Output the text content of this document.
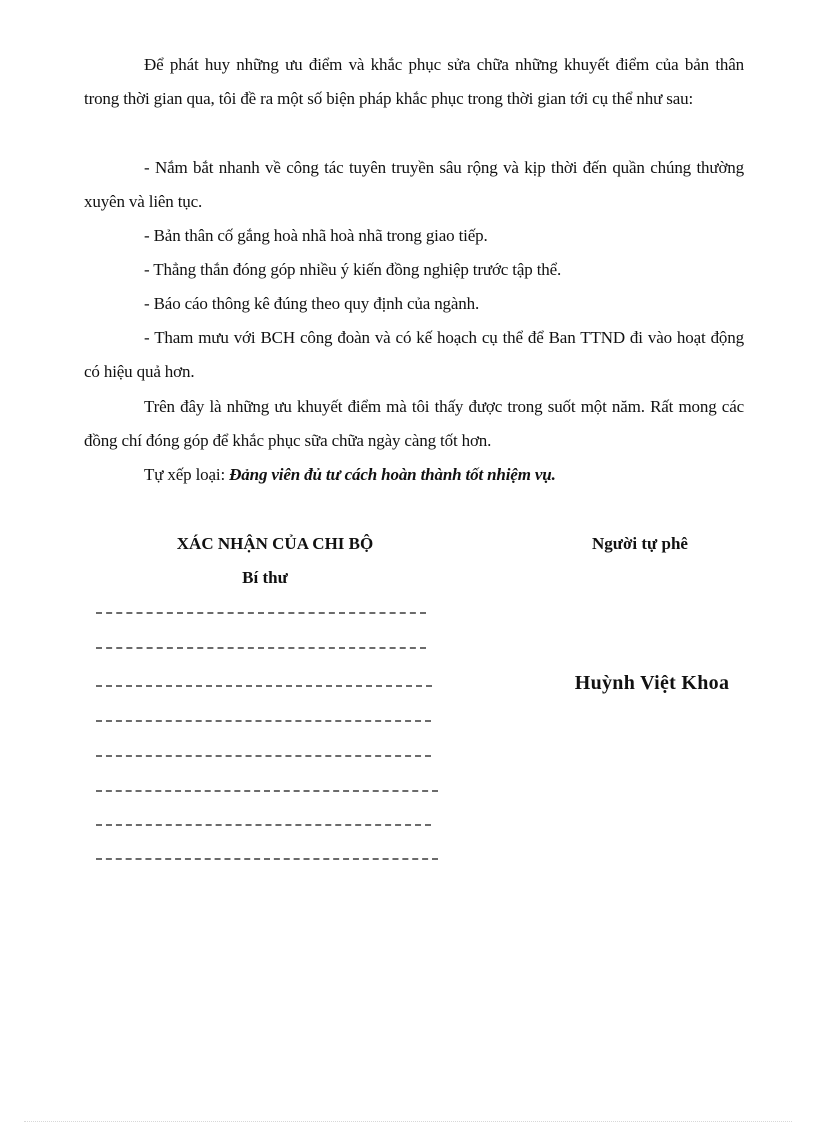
Để phát huy những ưu điểm và khắc phục sửa chữa những khuyết điểm của bản thân trong thời gian qua, tôi đề ra một số biện pháp khắc phục trong thời gian tới cụ thể như sau:
- Nắm bắt nhanh về công tác tuyên truyền sâu rộng và kịp thời đến quần chúng thường xuyên và liên tục.
- Bản thân cố gắng hoà nhã hoà nhã trong giao tiếp.
- Thẳng thắn đóng góp nhiều ý kiến đồng nghiệp trước tập thể.
- Báo cáo thông kê đúng theo quy định của ngành.
- Tham mưu với BCH công đoàn và có kế hoạch cụ thể để Ban TTND đi vào hoạt động có hiệu quả hơn.
Trên đây là những ưu khuyết điểm mà tôi thấy được trong suốt một năm. Rất mong các đồng chí đóng góp để khắc phục sữa chữa ngày càng tốt hơn.
Tự xếp loại: Đảng viên đủ tư cách hoàn thành tốt nhiệm vụ.
XÁC NHẬN CỦA CHI BỘ
Bí thư
Người tự phê
Huỳnh Việt Khoa
